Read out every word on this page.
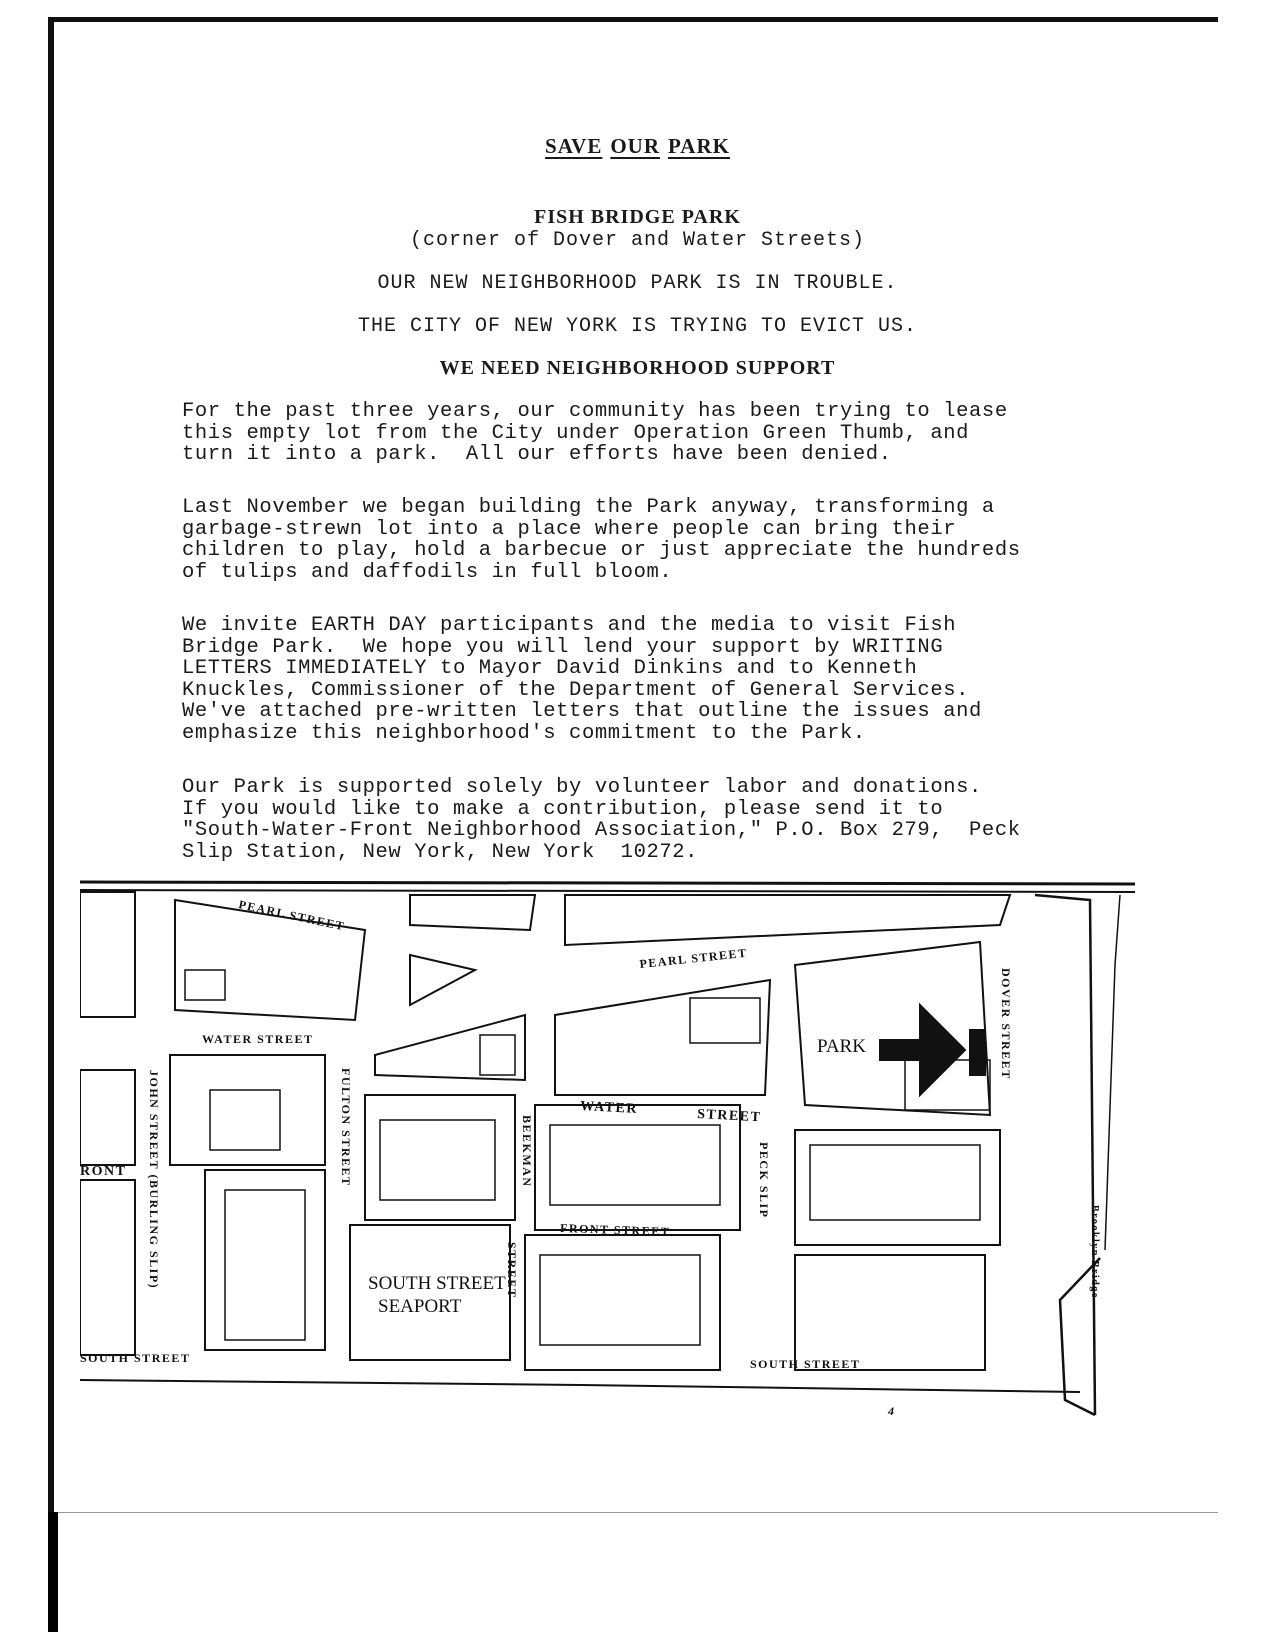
SAVE OUR PARK
FISH BRIDGE PARK
(corner of Dover and Water Streets)
OUR NEW NEIGHBORHOOD PARK IS IN TROUBLE.
THE CITY OF NEW YORK IS TRYING TO EVICT US.
WE NEED NEIGHBORHOOD SUPPORT

For the past three years, our community has been trying to lease
this empty lot from the City under Operation Green Thumb, and
turn it into a park.  All our efforts have been denied.

Last November we began building the Park anyway, transforming a
garbage-strewn lot into a place where people can bring their
children to play, hold a barbecue or just appreciate the hundreds
of tulips and daffodils in full bloom.

We invite EARTH DAY participants and the media to visit Fish
Bridge Park.  We hope you will lend your support by WRITING
LETTERS IMMEDIATELY to Mayor David Dinkins and to Kenneth
Knuckles, Commissioner of the Department of General Services.
We've attached pre-written letters that outline the issues and
emphasize this neighborhood's commitment to the Park.

Our Park is supported solely by volunteer labor and donations.
If you would like to make a contribution, please send it to
"South-Water-Front Neighborhood Association," P.O. Box 279,  Peck
Slip Station, New York, New York  10272.

PEARL STREET
PEARL STREET
WATER STREET
WATER	STREET
JOHN STREET (BURLING SLIP)	FULTON STREET	BEEKMAN
STREET
PECK SLIP
DOVER STREET
FRONT STREET
RONT
SOUTH STREET	SOUTH STREET
SOUTH STREET
SEAPORT
PARK
Brooklyn Bridge
4
